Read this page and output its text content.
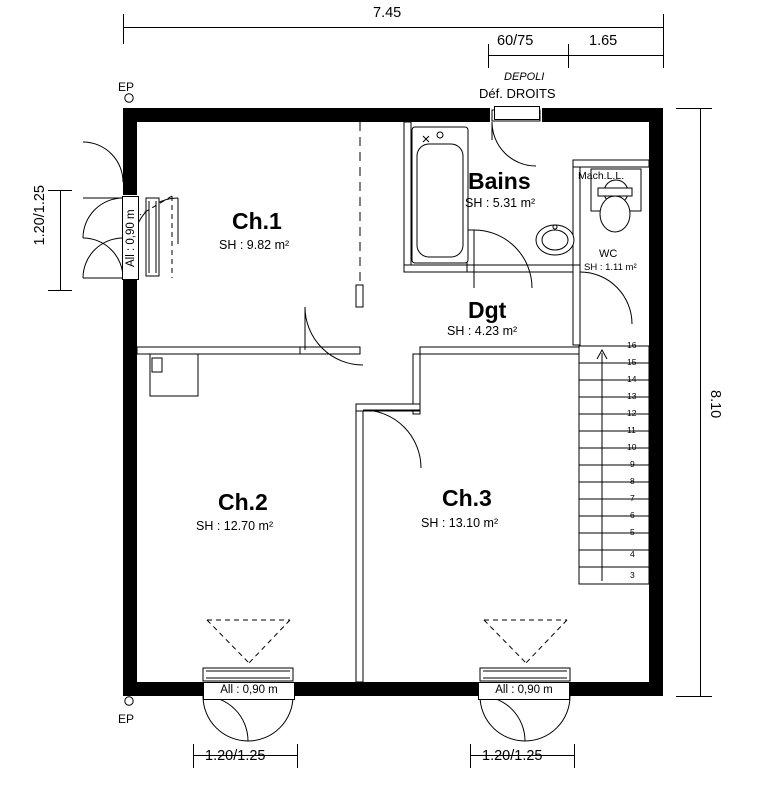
7.45
60/75	1.65
DEPOLI
Déf. DROITS
EP
EP
8.10
1.20/1.25
1.20/1.25	1.20/1.25
16
15
14
13
12
11
10
9
8
7
6
5
4
3
Ch.1
SH : 9.82 m²
Bains
SH : 5.31 m²
WC
SH : 1.11 m²
Dgt
SH : 4.23 m²
Ch.2
SH : 12.70 m²
Ch.3
SH : 13.10 m²
Mach.L.L.
All : 0,90 m
All : 0,90 m	All : 0,90 m
